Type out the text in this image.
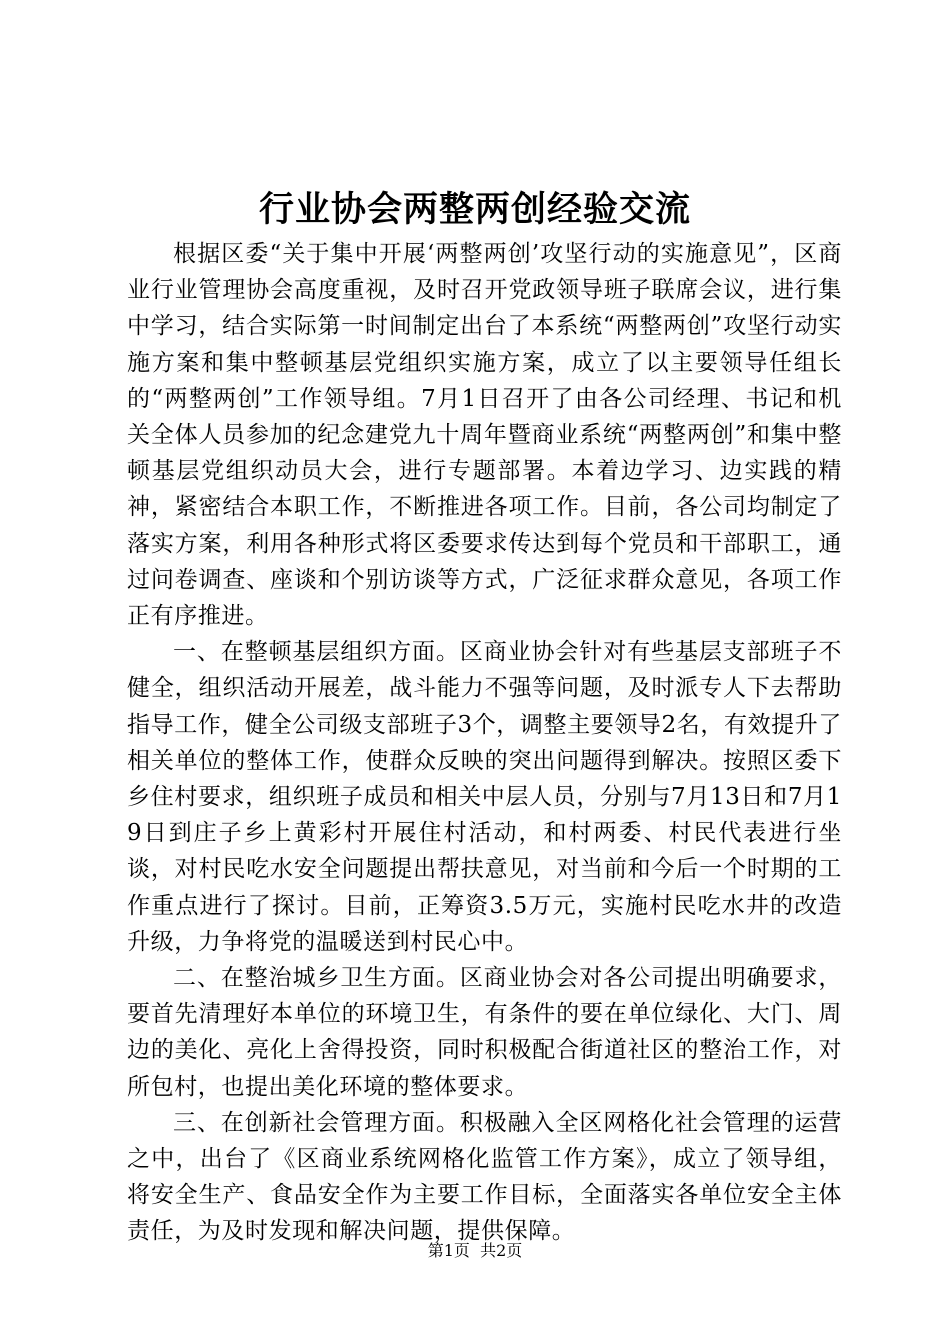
行业协会两整两创经验交流

根据区委“关于集中开展‘两整两创’攻坚行动的实施意见”，区商业行业管理协会高度重视，及时召开党政领导班子联席会议，进行集中学习，结合实际第一时间制定出台了本系统“两整两创”攻坚行动实施方案和集中整顿基层党组织实施方案，成立了以主要领导任组长的“两整两创”工作领导组。7月1日召开了由各公司经理、书记和机关全体人员参加的纪念建党九十周年暨商业系统“两整两创”和集中整顿基层党组织动员大会，进行专题部署。本着边学习、边实践的精神，紧密结合本职工作，不断推进各项工作。目前，各公司均制定了落实方案，利用各种形式将区委要求传达到每个党员和干部职工，通过问卷调查、座谈和个别访谈等方式，广泛征求群众意见，各项工作正有序推进。

一、在整顿基层组织方面。区商业协会针对有些基层支部班子不健全，组织活动开展差，战斗能力不强等问题，及时派专人下去帮助指导工作，健全公司级支部班子3个，调整主要领导2名，有效提升了相关单位的整体工作，使群众反映的突出问题得到解决。按照区委下乡住村要求，组织班子成员和相关中层人员，分别与7月13日和7月19日到庄子乡上黄彩村开展住村活动，和村两委、村民代表进行坐谈，对村民吃水安全问题提出帮扶意见，对当前和今后一个时期的工作重点进行了探讨。目前，正筹资3.5万元，实施村民吃水井的改造升级，力争将党的温暖送到村民心中。

二、在整治城乡卫生方面。区商业协会对各公司提出明确要求，要首先清理好本单位的环境卫生，有条件的要在单位绿化、大门、周边的美化、亮化上舍得投资，同时积极配合街道社区的整治工作，对所包村，也提出美化环境的整体要求。

三、在创新社会管理方面。积极融入全区网格化社会管理的运营之中，出台了《区商业系统网格化监管工作方案》，成立了领导组，将安全生产、食品安全作为主要工作目标，全面落实各单位安全主体责任，为及时发现和解决问题，提供保障。

第1页 共2页
